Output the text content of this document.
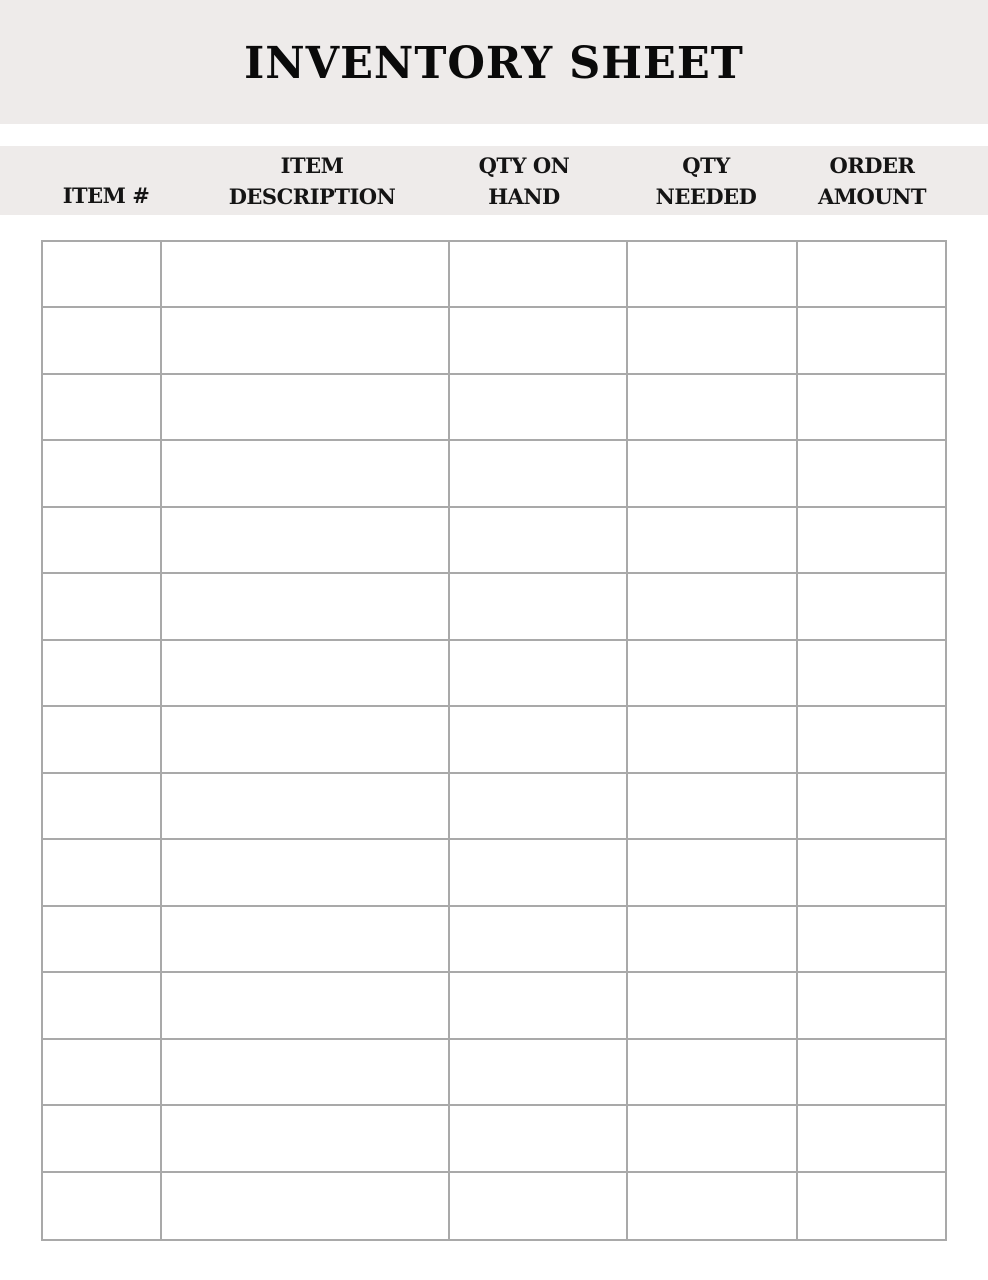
INVENTORY SHEET
ITEM #
ITEM
DESCRIPTION
QTY ON
HAND
QTY
NEEDED
ORDER
AMOUNT
